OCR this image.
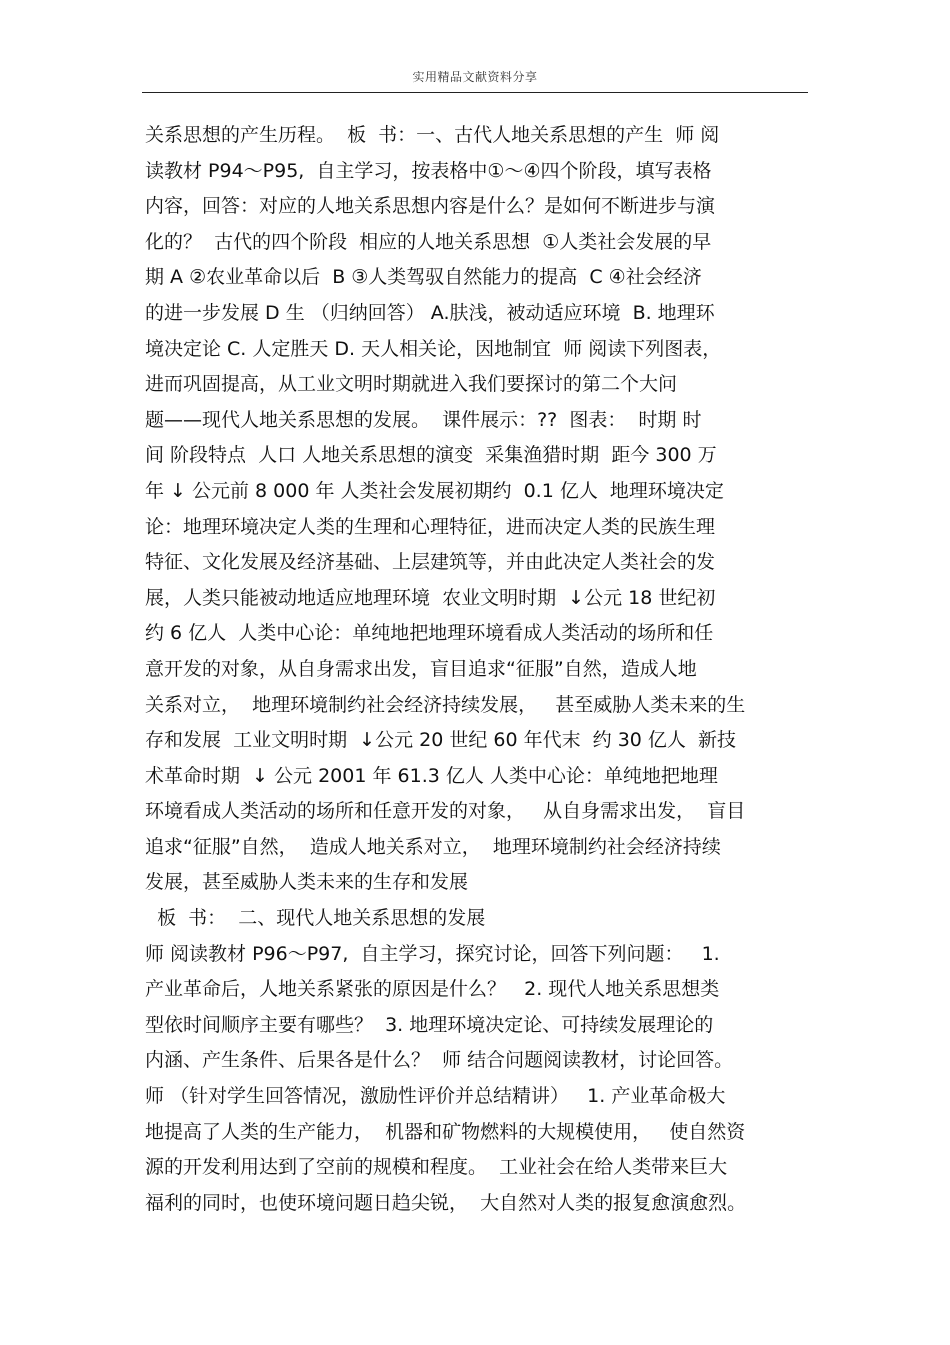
实用精品文献资料分享
关系思想的产生历程。  板  书：一、古代人地关系思想的产生  师 阅
读教材 P94～P95,  自主学习，按表格中①～④四个阶段，填写表格
内容，回答：对应的人地关系思想内容是什么？是如何不断进步与演
化的？  古代的四个阶段  相应的人地关系思想  ①人类社会发展的早
期 A ②农业革命以后  B ③人类驾驭自然能力的提高  C ④社会经济
的进一步发展 D 生 （归纳回答） A.肤浅，被动适应环境  B. 地理环
境决定论 C. 人定胜天 D. 天人相关论，因地制宜  师 阅读下列图表，
进而巩固提高，从工业文明时期就进入我们要探讨的第二个大问
题——现代人地关系思想的发展。  课件展示：??  图表：  时期 时
间 阶段特点  人口 人地关系思想的演变  采集渔猎时期  距今 300 万
年 ↓ 公元前 8 000 年 人类社会发展初期约  0.1 亿人  地理环境决定
论：地理环境决定人类的生理和心理特征，进而决定人类的民族生理
特征、文化发展及经济基础、上层建筑等，并由此决定人类社会的发
展，人类只能被动地适应地理环境  农业文明时期  ↓公元 18 世纪初
约 6 亿人  人类中心论：单纯地把地理环境看成人类活动的场所和任
意开发的对象，从自身需求出发，盲目追求“征服”自然，造成人地
关系对立，  地理环境制约社会经济持续发展，   甚至威胁人类未来的生
存和发展  工业文明时期  ↓公元 20 世纪 60 年代末  约 30 亿人  新技
术革命时期  ↓ 公元 2001 年 61.3 亿人 人类中心论：单纯地把地理
环境看成人类活动的场所和任意开发的对象，   从自身需求出发，  盲目
追求“征服”自然，  造成人地关系对立，  地理环境制约社会经济持续
发展，甚至威胁人类未来的生存和发展
板  书：  二、现代人地关系思想的发展
师 阅读教材 P96～P97,  自主学习，探究讨论，回答下列问题：   1.
产业革命后，人地关系紧张的原因是什么？   2. 现代人地关系思想类
型依时间顺序主要有哪些？  3. 地理环境决定论、可持续发展理论的
内涵、产生条件、后果各是什么？  师 结合问题阅读教材，讨论回答。
师 （针对学生回答情况，激励性评价并总结精讲）   1. 产业革命极大
地提高了人类的生产能力，  机器和矿物燃料的大规模使用，   使自然资
源的开发利用达到了空前的规模和程度。  工业社会在给人类带来巨大
福利的同时，也使环境问题日趋尖锐，  大自然对人类的报复愈演愈烈。
